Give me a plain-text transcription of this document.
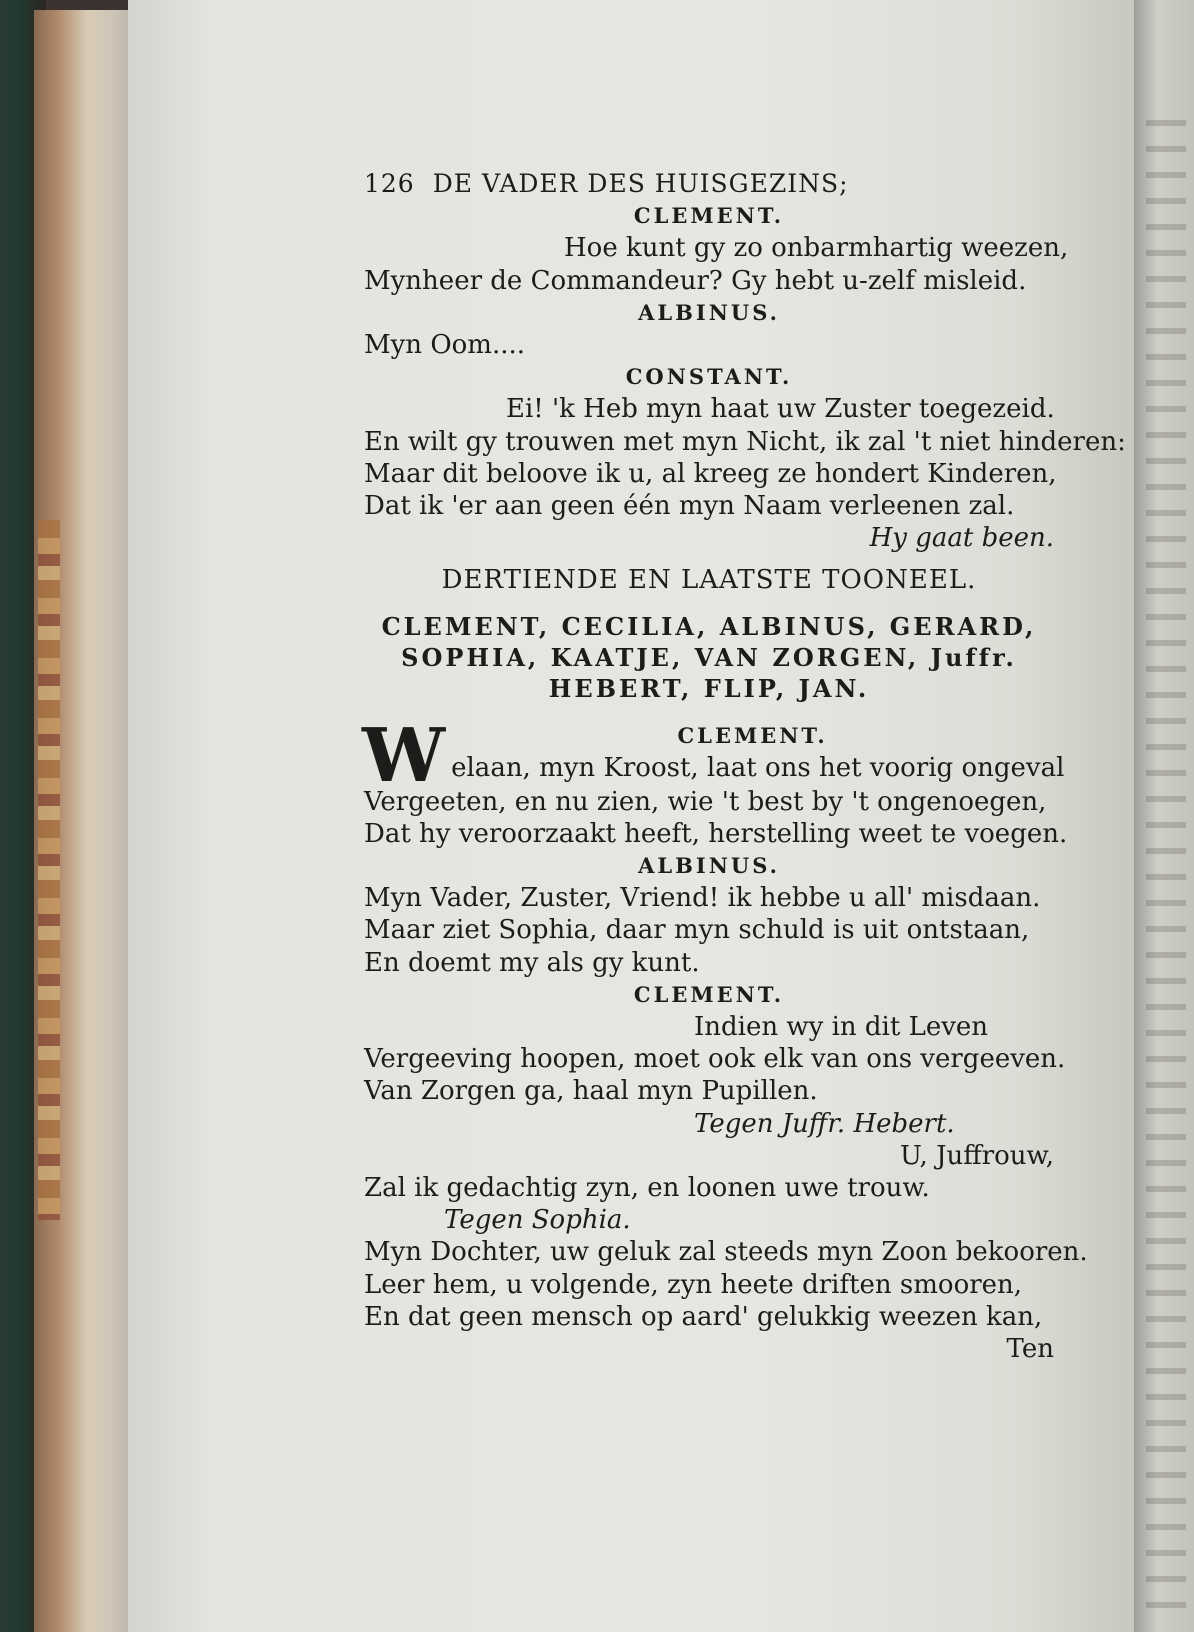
126 DE VADER DES HUISGEZINS;

CLEMENT.

Hoe kunt gy zo onbarmhartig weezen,

Mynheer de Commandeur? Gy hebt u-zelf misleid.

ALBINUS.

Myn Oom....

CONSTANT.

Ei! 'k Heb myn haat uw Zuster toegezeid.

En wilt gy trouwen met myn Nicht, ik zal 't niet hinderen:

Maar dit beloove ik u, al kreeg ze hondert Kinderen,

Dat ik 'er aan geen één myn Naam verleenen zal.

Hy gaat been.

DERTIENDE EN LAATSTE TOONEEL.

CLEMENT, CECILIA, ALBINUS, GERARD,

SOPHIA, KAATJE, VAN ZORGEN, Juffr.

HEBERT, FLIP, JAN.

W	CLEMENT.

elaan, myn Kroost, laat ons het voorig ongeval

Vergeeten, en nu zien, wie 't best by 't ongenoegen,

Dat hy veroorzaakt heeft, herstelling weet te voegen.

ALBINUS.

Myn Vader, Zuster, Vriend! ik hebbe u all' misdaan.

Maar ziet Sophia, daar myn schuld is uit ontstaan,

En doemt my als gy kunt.

CLEMENT.

Indien wy in dit Leven

Vergeeving hoopen, moet ook elk van ons vergeeven.

Van Zorgen ga, haal myn Pupillen.

Tegen Juffr. Hebert.

U, Juffrouw,

Zal ik gedachtig zyn, en loonen uwe trouw.

Tegen Sophia.

Myn Dochter, uw geluk zal steeds myn Zoon bekooren.

Leer hem, u volgende, zyn heete driften smooren,

En dat geen mensch op aard' gelukkig weezen kan,

Ten
